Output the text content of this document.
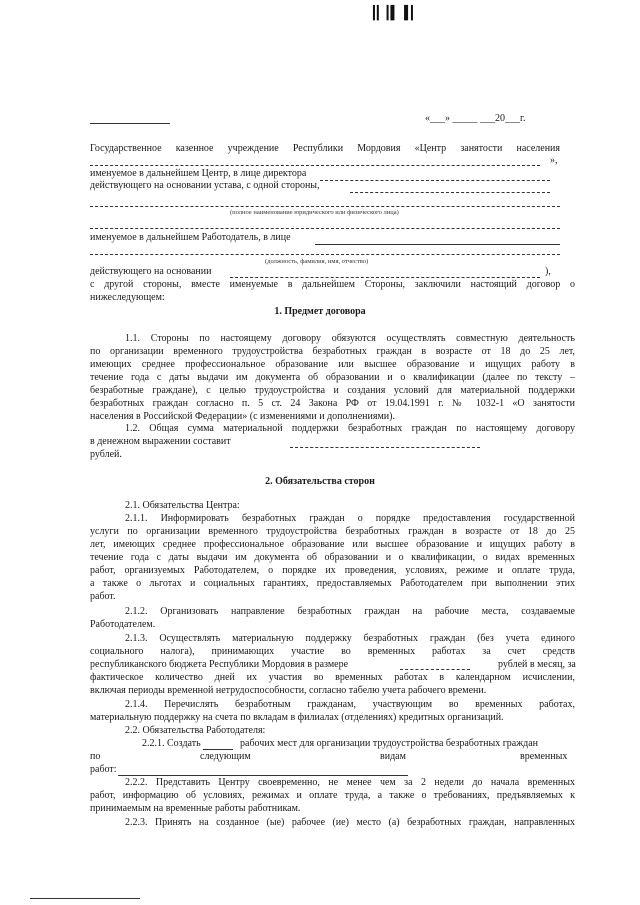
┃▎┃▌ ▌▎
«___» _____ ___20___г.
Государственное казенное учреждение Республики Мордовия «Центр занятости населения
»,
именуемое в дальнейшем Центр, в лице директора
действующего на основании устава, с одной стороны,
(полное наименование юридического или физического лица)
именуемое в дальнейшем Работодатель, в лице
(должность, фамилия, имя, отчество)
действующего на основании	),
с другой стороны, вместе именуемые в дальнейшем Стороны, заключили настоящий договор о
нижеследующем:
1. Предмет договора
1.1. Стороны по настоящему договору обязуются осуществлять совместную деятельность
по организации временного трудоустройства безработных граждан в возрасте от 18 до 25 лет,
имеющих среднее профессиональное образование или высшее образование и ищущих работу в
течение года с даты выдачи им документа об образовании и о квалификации (далее по тексту –
безработные граждане), с целью трудоустройства и создания условий для материальной поддержки
безработных граждан согласно п. 5 ст. 24 Закона РФ от 19.04.1991 г. № 1032-1 «О занятости
населения в Российской Федерации» (с изменениями и дополнениями).
1.2. Общая сумма материальной поддержки безработных граждан по настоящему договору
в денежном выражении составит
рублей.
2. Обязательства сторон
2.1. Обязательства Центра:
2.1.1. Информировать безработных граждан о порядке предоставления государственной
услуги по организации временного трудоустройства безработных граждан в возрасте от 18 до 25
лет, имеющих среднее профессиональное образование или высшее образование и ищущих работу в
течение года с даты выдачи им документа об образовании и о квалификации, о видах временных
работ, организуемых Работодателем, о порядке их проведения, условиях, режиме и оплате труда,
а также о льготах и социальных гарантиях, предоставляемых Работодателем при выполнении этих
работ.
2.1.2. Организовать направление безработных граждан на рабочие места, создаваемые
Работодателем.
2.1.3. Осуществлять материальную поддержку безработных граждан (без учета единого
социального налога), принимающих участие во временных работах за счет средств
республиканского бюджета Республики Мордовия в размере	рублей в месяц, за
фактическое количество дней их участия во временных работах в календарном исчислении,
включая периоды временной нетрудоспособности, согласно табелю учета рабочего времени.
2.1.4. Перечислять безработным гражданам, участвующим во временных работах,
материальную поддержку на счета по вкладам в филиалах (отделениях) кредитных организаций.
2.2. Обязательства Работодателя:
2.2.1. Создать	рабочих мест для организации трудоустройства безработных граждан
по	следующим	видам	временных
работ:
2.2.2. Представить Центру своевременно, не менее чем за 2 недели до начала временных
работ, информацию об условиях, режимах и оплате труда, а также о требованиях, предъявляемых к
принимаемым на временные работы работникам.
2.2.3. Принять на созданное (ые) рабочее (ие) место (а) безработных граждан, направленных
